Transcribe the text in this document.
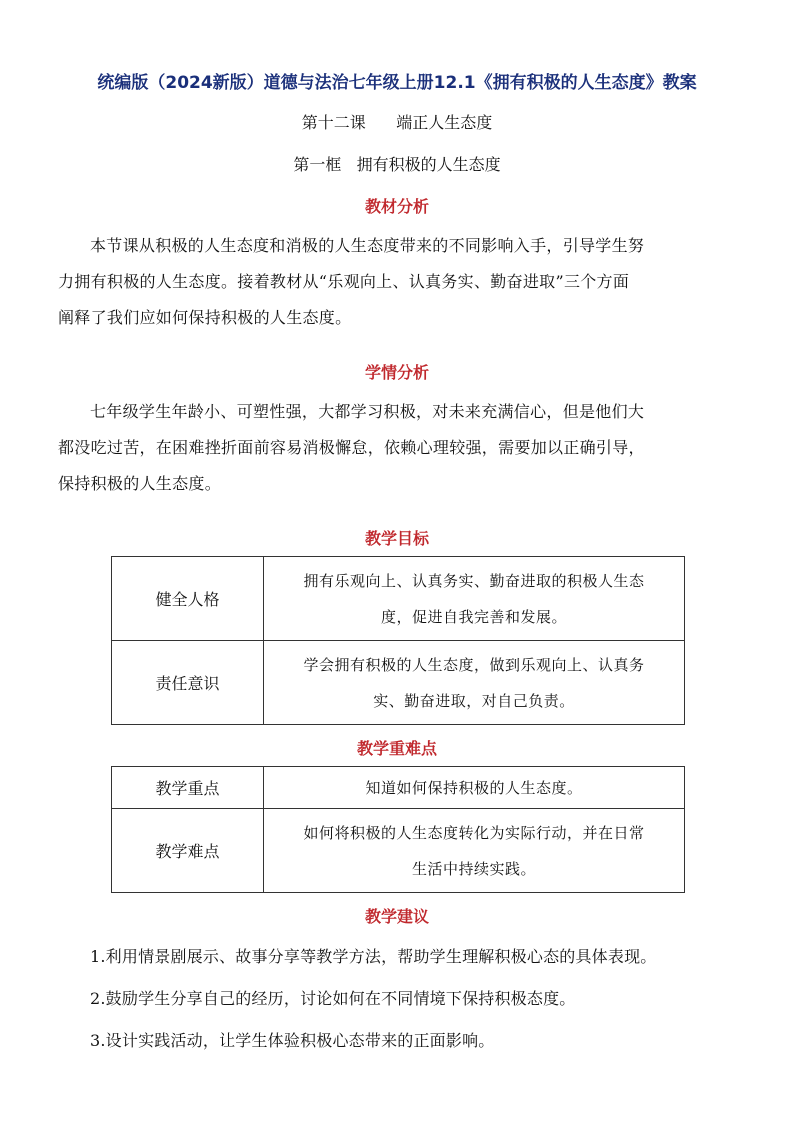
统编版（2024新版）道德与法治七年级上册12.1《拥有积极的人生态度》教案
第十二课      端正人生态度
第一框   拥有积极的人生态度
教材分析
本节课从积极的人生态度和消极的人生态度带来的不同影响入手，引导学生努
力拥有积极的人生态度。接着教材从“乐观向上、认真务实、勤奋进取”三个方面
阐释了我们应如何保持积极的人生态度。
学情分析
七年级学生年龄小、可塑性强，大都学习积极，对未来充满信心，但是他们大
都没吃过苦，在困难挫折面前容易消极懈怠，依赖心理较强，需要加以正确引导，
保持积极的人生态度。
教学目标
健全人格	拥有乐观向上、认真务实、勤奋进取的积极人生态
度，促进自我完善和发展。

责任意识	学会拥有积极的人生态度，做到乐观向上、认真务
实、勤奋进取，对自己负责。
教学重难点
教学重点	知道如何保持积极的人生态度。

教学难点	如何将积极的人生态度转化为实际行动，并在日常
生活中持续实践。
教学建议
1.利用情景剧展示、故事分享等教学方法，帮助学生理解积极心态的具体表现。
2.鼓励学生分享自己的经历，讨论如何在不同情境下保持积极态度。
3.设计实践活动，让学生体验积极心态带来的正面影响。
